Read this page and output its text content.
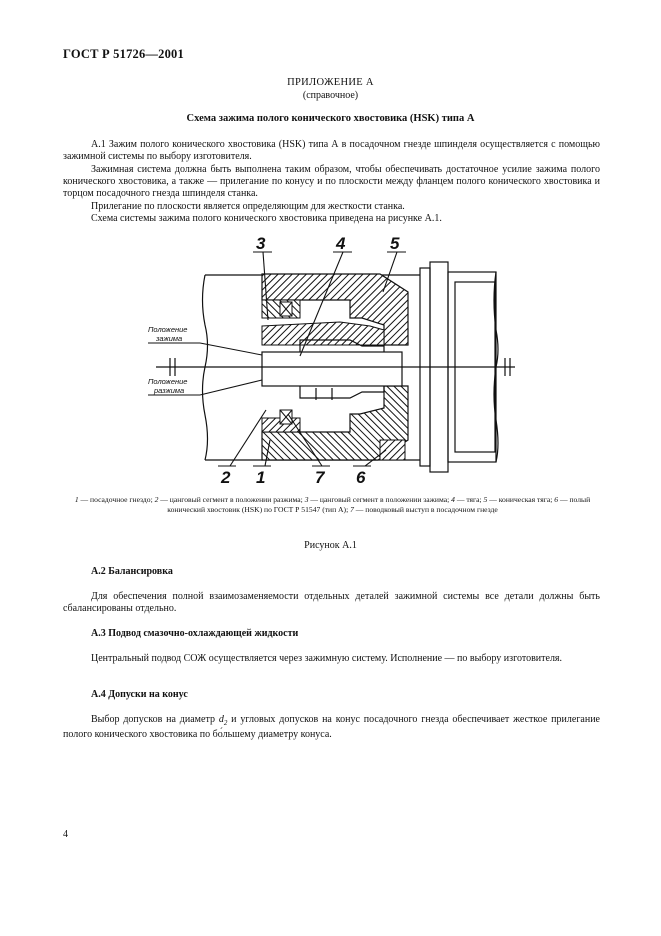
ГОСТ Р 51726—2001
ПРИЛОЖЕНИЕ А
(справочное)
Схема зажима полого конического хвостовика (HSK) типа А

А.1 Зажим полого конического хвостовика (HSK) типа А в посадочном гнезде шпинделя осуществляется с помощью зажимной системы по выбору изготовителя.

Зажимная система должна быть выполнена таким образом, чтобы обеспечивать достаточное усилие зажима полого конического хвостовика, а также — прилегание по конусу и по плоскости между фланцем полого конического хвостовика и торцом посадочного гнезда шпинделя станка.

Прилегание по плоскости является определяющим для жесткости станка.

Схема системы зажима полого конического хвостовика приведена на рисунке А.1.

Положение
зажима
Положение
разжима
3	4	5
2 1	7 6
1 — посадочное гнездо; 2 — цанговый сегмент в положении разжима; 3 — цанговый сегмент в положении зажима; 4 — тяга; 5 — коническая тяга; 6 — полый конический хвостовик (HSK) по ГОСТ Р 51547 (тип А); 7 — поводковый выступ в посадочном гнезде
Рисунок А.1
А.2 Балансировка

Для обеспечения полной взаимозаменяемости отдельных деталей зажимной системы все детали должны быть сбалансированы отдельно.

А.3 Подвод смазочно-охлаждающей жидкости

Центральный подвод СОЖ осуществляется через зажимную систему. Исполнение — по выбору изготовителя.

А.4 Допуски на конус

Выбор допусков на диаметр $d_2$ и угловых допусков на конус посадочного гнезда обеспечивает жесткое прилегание полого конического хвостовика по бо́льшему диаметру конуса.

4
